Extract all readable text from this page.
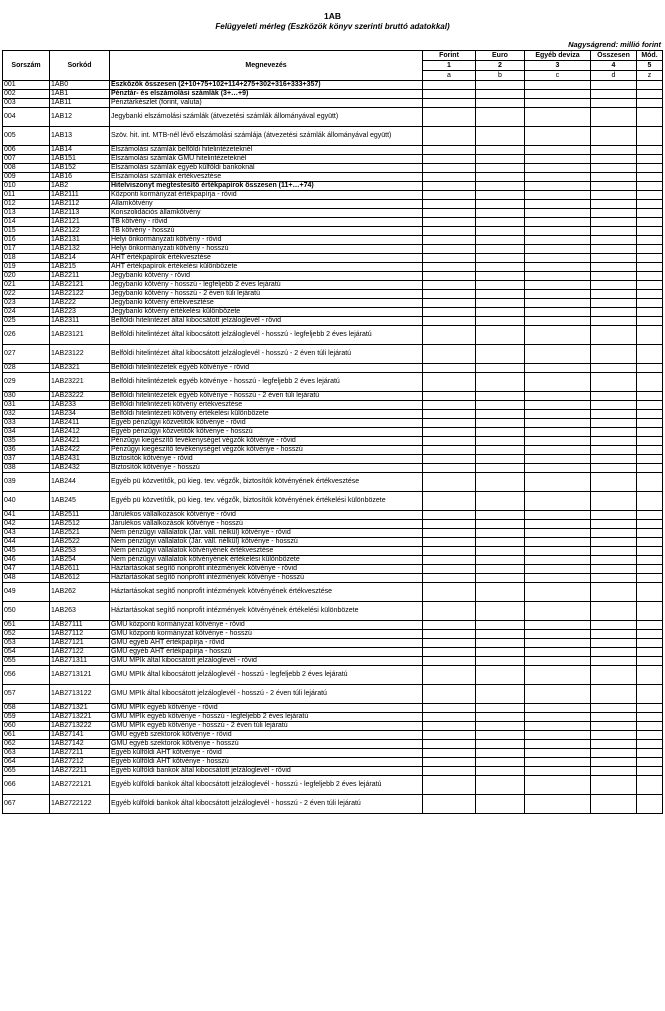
1AB
Felügyeleti mérleg (Eszközök könyv szerinti bruttó adatokkal)
Nagyságrend: millió forint
Sorszám	Sorkód	Megnevezés	Forint	Euro	Egyéb deviza	Összesen	Mód.
			1	2	3	4	5
			a	b	c	d	z
001	1AB0	Eszközök összesen (2+10+75+102+114+275+302+316+333+357)					
002	1AB1	Pénztár- és elszámolási számlák (3+…+9)					
003	1AB11	Pénztárkészlet (forint, valuta)					
004	1AB12	Jegybanki elszámolási számlák (átvezetési számlák állományával együtt)					
005	1AB13	Szöv. hit. int. MTB-nél lévő elszámolási számlája (átvezetési számlák állományával együtt)					
006	1AB14	Elszámolási számlák belföldi hitelintézeteknél					
007	1AB151	Elszámolási számlák GMU hitelintézeteknél					
008	1AB152	Elszámolási számlák egyéb külföldi bankoknál					
009	1AB16	Elszámolási számlák értékvesztése					
010	1AB2	Hitelviszonyt megtestesítő értékpapírok összesen (11+…+74)					
011	1AB2111	Központi kormányzat értékpapírja - rövid					
012	1AB2112	Államkötvény					
013	1AB2113	Konszolidációs államkötvény					
014	1AB2121	TB kötvény - rövid					
015	1AB2122	TB kötvény - hosszú					
016	1AB2131	Helyi önkormányzati kötvény - rövid					
017	1AB2132	Helyi önkormányzati kötvény - hosszú					
018	1AB214	ÁHT értékpapírok értékvesztése					
019	1AB215	ÁHT értékpapírok értékelési különbözete					
020	1AB2211	Jegybanki kötvény - rövid					
021	1AB22121	Jegybanki kötvény - hosszú - legfeljebb 2 éves lejáratú					
022	1AB22122	Jegybanki kötvény - hosszú - 2 éven túli lejáratú					
023	1AB222	Jegybanki kötvény értékvesztése					
024	1AB223	Jegybanki kötvény értékelési különbözete					
025	1AB2311	Belföldi hitelintézet által kibocsátott jelzáloglevél - rövid					
026	1AB23121	Belföldi hitelintézet által kibocsátott jelzáloglevél - hosszú - legfeljebb 2 éves lejáratú					
027	1AB23122	Belföldi hitelintézet által kibocsátott jelzáloglevél - hosszú - 2 éven túli lejáratú					
028	1AB2321	Belföldi hitelintézetek egyéb kötvénye - rövid					
029	1AB23221	Belföldi hitelintézetek egyéb kötvénye - hosszú - legfeljebb 2 éves lejáratú					
030	1AB23222	Belföldi hitelintézetek egyéb kötvénye - hosszú - 2 éven túli lejáratú					
031	1AB233	Belföldi hitelintézeti kötvény értékvesztése					
032	1AB234	Belföldi hitelintézeti kötvény értékelési különbözete					
033	1AB2411	Egyéb pénzügyi közvetítők kötvénye - rövid					
034	1AB2412	Egyéb pénzügyi közvetítők kötvénye - hosszú					
035	1AB2421	Pénzügyi kiegészítő tevékenységet végzők kötvénye - rövid					
036	1AB2422	Pénzügyi kiegészítő tevékenységet végzők kötvénye - hosszú					
037	1AB2431	Biztosítók kötvénye - rövid					
038	1AB2432	Biztosítók kötvénye - hosszú					
039	1AB244	Egyéb pü közvetítők, pü kieg. tev. végzők, biztosítók kötvényének értékvesztése					
040	1AB245	Egyéb pü közvetítők, pü kieg. tev. végzők, biztosítók kötvényének értékelési különbözete					
041	1AB2511	Járulékos vállalkozások kötvénye - rövid					
042	1AB2512	Járulékos vállalkozások kötvénye - hosszú					
043	1AB2521	Nem pénzügyi vállalatok (Jár. váll. nélkül) kötvénye - rövid					
044	1AB2522	Nem pénzügyi vállalatok (Jár. váll. nélkül) kötvénye - hosszú					
045	1AB253	Nem pénzügyi vállalatok kötvényének értékvesztése					
046	1AB254	Nem pénzügyi vállalatok kötvényének értékelési különbözete					
047	1AB2611	Háztartásokat segítő nonprofit intézmények kötvénye - rövid					
048	1AB2612	Háztartásokat segítő nonprofit intézmények kötvénye - hosszú					
049	1AB262	Háztartásokat segítő nonprofit intézmények kötvényének értékvesztése					
050	1AB263	Háztartásokat segítő nonprofit intézmények kötvényének értékelési különbözete					
051	1AB27111	GMU központi kormányzat kötvénye - rövid					
052	1AB27112	GMU központi kormányzat kötvénye - hosszú					
053	1AB27121	GMU egyéb ÁHT értékpapírja - rövid					
054	1AB27122	GMU egyéb ÁHT értékpapírja - hosszú					
055	1AB271311	GMU MPIk által kibocsátott jelzáloglevél - rövid					
056	1AB2713121	GMU MPIk által kibocsátott jelzáloglevél - hosszú - legfeljebb 2 éves lejáratú					
057	1AB2713122	GMU MPIk által kibocsátott jelzáloglevél - hosszú - 2 éven túli lejáratú					
058	1AB271321	GMU MPIk egyéb kötvénye - rövid					
059	1AB2713221	GMU MPIk egyéb kötvénye - hosszú - legfeljebb 2 éves lejáratú					
060	1AB2713222	GMU MPIk egyéb kötvénye - hosszú - 2 éven túli lejáratú					
061	1AB27141	GMU egyéb szektorok kötvénye - rövid					
062	1AB27142	GMU egyéb szektorok kötvénye - hosszú					
063	1AB27211	Egyéb külföldi ÁHT kötvénye - rövid					
064	1AB27212	Egyéb külföldi ÁHT kötvénye - hosszú					
065	1AB272211	Egyéb külföldi bankok által kibocsátott jelzáloglevél - rövid					
066	1AB2722121	Egyéb külföldi bankok által kibocsátott jelzáloglevél - hosszú - legfeljebb 2 éves lejáratú					
067	1AB2722122	Egyéb külföldi bankok által kibocsátott jelzáloglevél - hosszú - 2 éven túli lejáratú					
